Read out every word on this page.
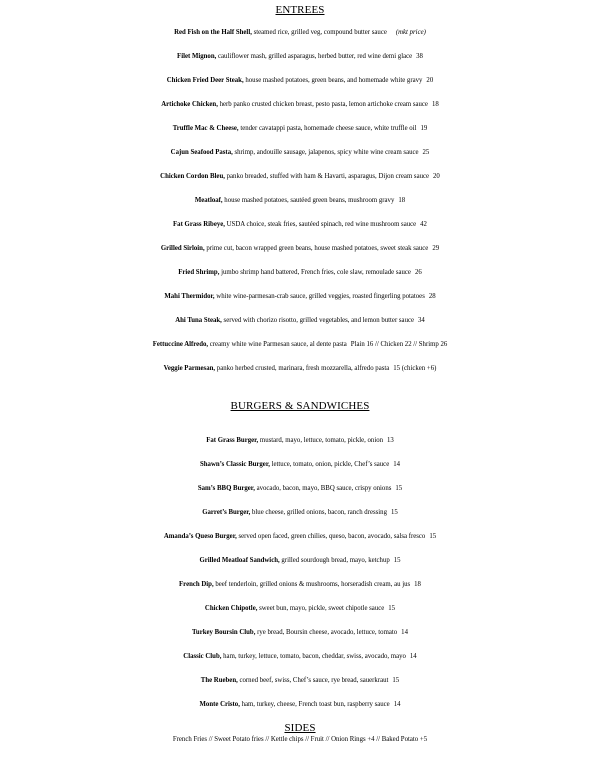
ENTREES
Red Fish on the Half Shell, steamed rice, grilled veg, compound butter sauce (mkt price)
Filet Mignon, cauliflower mash, grilled asparagus, herbed butter, red wine demi glace 38
Chicken Fried Deer Steak, house mashed potatoes, green beans, and homemade white gravy 20
Artichoke Chicken, herb panko crusted chicken breast, pesto pasta, lemon artichoke cream sauce 18
Truffle Mac & Cheese, tender cavatappi pasta, homemade cheese sauce, white truffle oil 19
Cajun Seafood Pasta, shrimp, andouille sausage, jalapenos, spicy white wine cream sauce 25
Chicken Cordon Bleu, panko breaded, stuffed with ham & Havarti, asparagus, Dijon cream sauce 20
Meatloaf, house mashed potatoes, sautéed green beans, mushroom gravy 18
Fat Grass Ribeye, USDA choice, steak fries, sautéed spinach, red wine mushroom sauce 42
Grilled Sirloin, prime cut, bacon wrapped green beans, house mashed potatoes, sweet steak sauce 29
Fried Shrimp, jumbo shrimp hand battered, French fries, cole slaw, remoulade sauce 26
Mahi Thermidor, white wine-parmesan-crab sauce, grilled veggies, roasted fingerling potatoes 28
Ahi Tuna Steak, served with chorizo risotto, grilled vegetables, and lemon butter sauce 34
Fettuccine Alfredo, creamy white wine Parmesan sauce, al dente pasta Plain 16 // Chicken 22 // Shrimp 26
Veggie Parmesan, panko herbed crusted, marinara, fresh mozzarella, alfredo pasta 15 (chicken +6)
BURGERS & SANDWICHES
Fat Grass Burger, mustard, mayo, lettuce, tomato, pickle, onion 13
Shawn’s Classic Burger, lettuce, tomato, onion, pickle, Chef’s sauce 14
Sam’s BBQ Burger, avocado, bacon, mayo, BBQ sauce, crispy onions 15
Garret’s Burger, blue cheese, grilled onions, bacon, ranch dressing 15
Amanda’s Queso Burger, served open faced, green chilies, queso, bacon, avocado, salsa fresco 15
Grilled Meatloaf Sandwich, grilled sourdough bread, mayo, ketchup 15
French Dip, beef tenderloin, grilled onions & mushrooms, horseradish cream, au jus 18
Chicken Chipotle, sweet bun, mayo, pickle, sweet chipotle sauce 15
Turkey Boursin Club, rye bread, Boursin cheese, avocado, lettuce, tomato 14
Classic Club, ham, turkey, lettuce, tomato, bacon, cheddar, swiss, avocado, mayo 14
The Rueben, corned beef, swiss, Chef’s sauce, rye bread, sauerkraut 15
Monte Cristo, ham, turkey, cheese, French toast bun, raspberry sauce 14
SIDES
French Fries // Sweet Potato fries // Kettle chips // Fruit // Onion Rings +4 // Baked Potato +5
